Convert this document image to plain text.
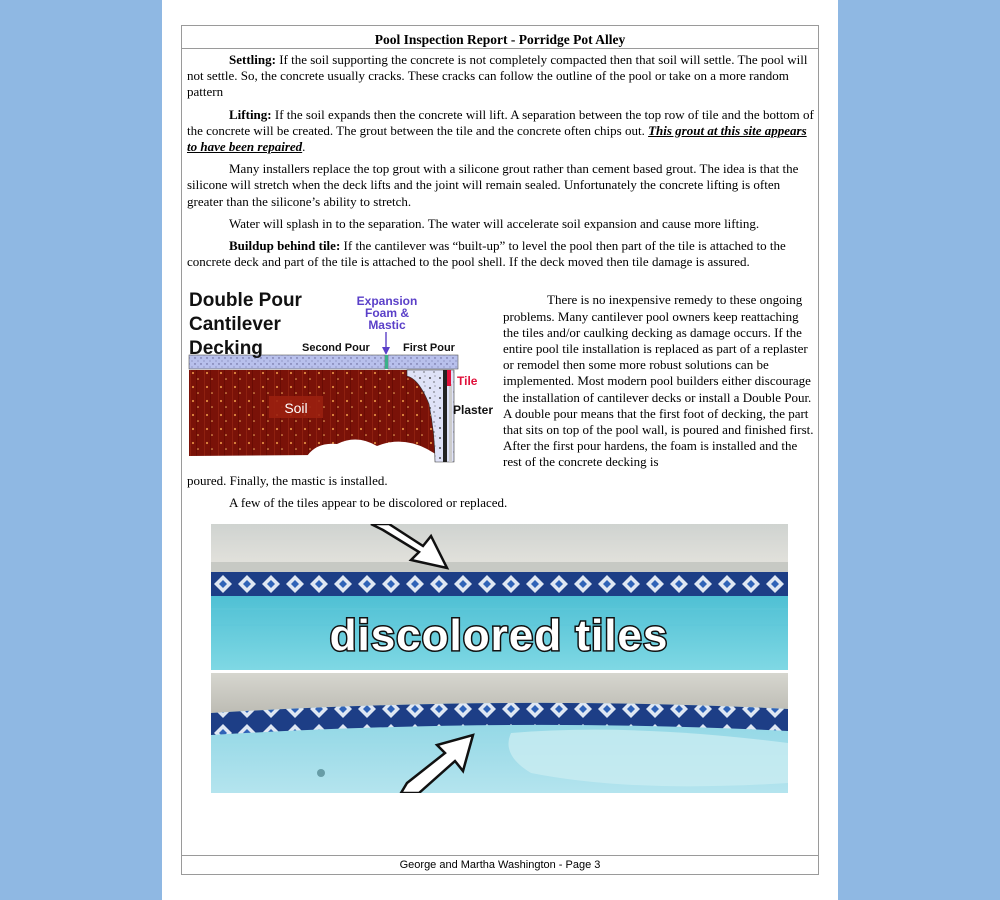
Pool Inspection Report - Porridge Pot Alley

Settling: If the soil supporting the concrete is not completely compacted then that soil will settle. The pool will not settle. So, the concrete usually cracks. These cracks can follow the outline of the pool or take on a more random pattern

Lifting: If the soil expands then the concrete will lift. A separation between the top row of tile and the bottom of the concrete will be created. The grout between the tile and the concrete often chips out. This grout at this site appears to have been repaired.

Many installers replace the top grout with a silicone grout rather than cement based grout. The idea is that the silicone will stretch when the deck lifts and the joint will remain sealed. Unfortunately the concrete lifting is often greater than the silicone’s ability to stretch.

Water will splash in to the separation. The water will accelerate soil expansion and cause more lifting.

Buildup behind tile: If the cantilever was “built-up” to level the pool then part of the tile is attached to the concrete deck and part of the tile is attached to the pool shell. If the deck moved then tile damage is assured.

Double Pour
Cantilever
Decking
Expansion
Foam &
Mastic
Second Pour	First Pour
Tile
Soil	Plaster
There is no inexpensive remedy to these ongoing problems. Many cantilever pool owners keep reattaching the tiles and/or caulking decking as damage occurs. If the entire pool tile installation is replaced as part of a replaster or remodel then some more robust solutions can be implemented. Most modern pool builders either discourage the installation of cantilever decks or install a Double Pour. A double pour means that the first foot of decking, the part that sits on top of the pool wall, is poured and finished first. After the first pour hardens, the foam is installed and the rest of the concrete decking is
poured. Finally, the mastic is installed.
A few of the tiles appear to be discolored or replaced.
discolored tiles
George and Martha Washington - Page 3
